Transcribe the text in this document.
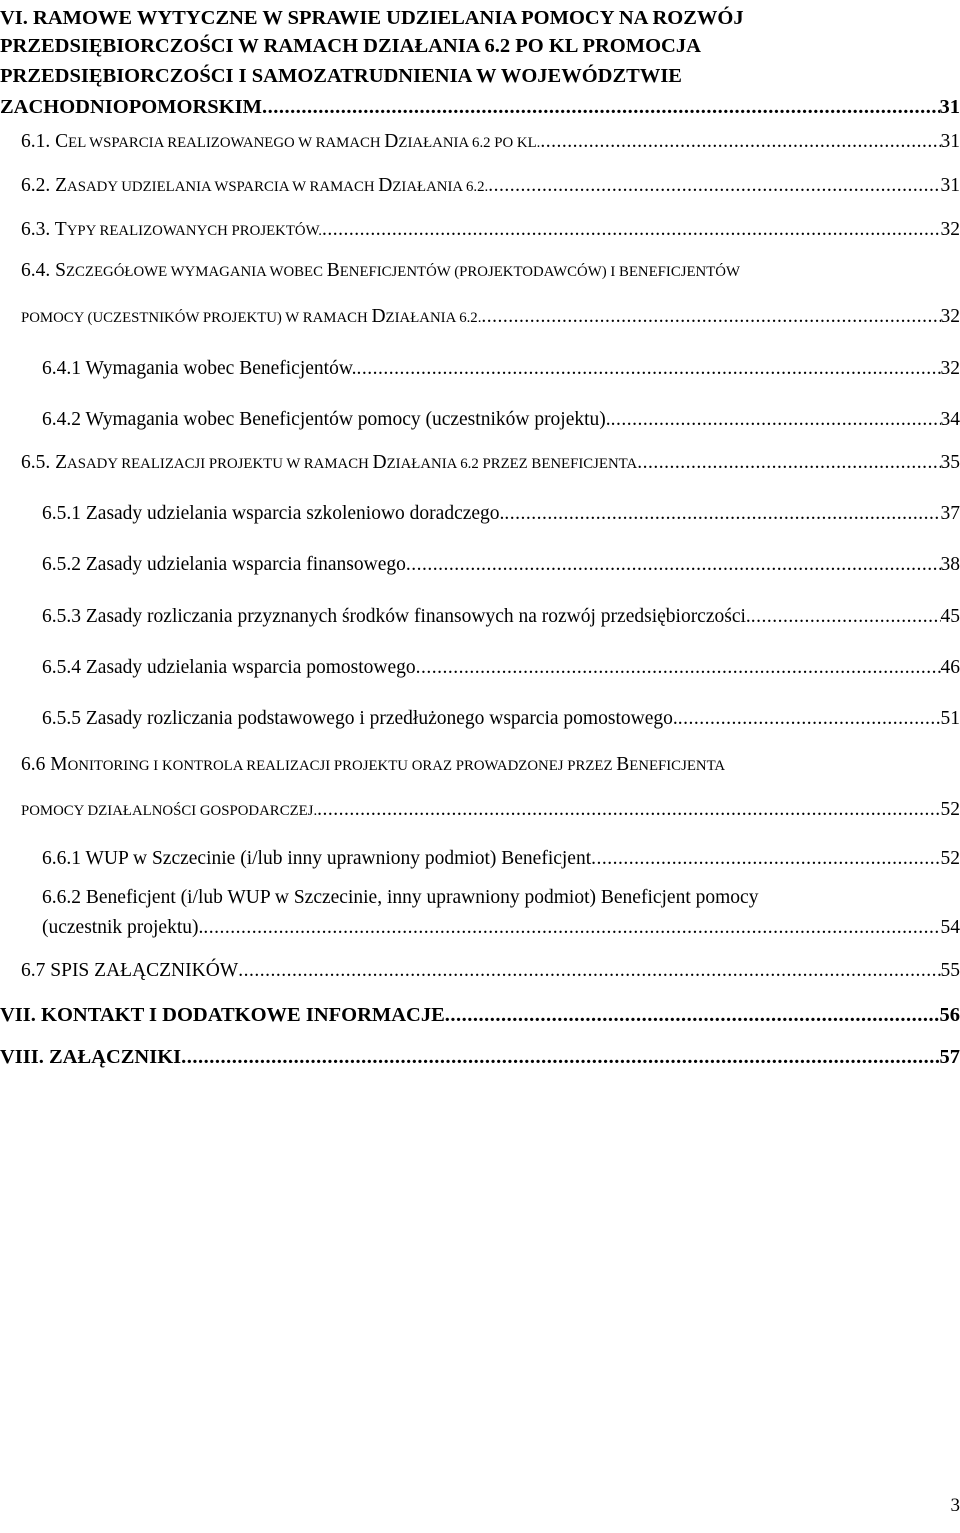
VI. RAMOWE WYTYCZNE W SPRAWIE UDZIELANIA POMOCY NA ROZWÓJ
PRZEDSIĘBIORCZOŚCI W RAMACH DZIAŁANIA 6.2 PO KL PROMOCJA
PRZEDSIĘBIORCZOŚCI I SAMOZATRUDNIENIA W WOJEWÓDZTWIE
ZACHODNIOPOMORSKIM .....	31
6.1. CEL WSPARCIA REALIZOWANEGO W RAMACH DZIAŁANIA 6.2 PO KL. .....	31
6.2. ZASADY UDZIELANIA WSPARCIA W RAMACH DZIAŁANIA 6.2. .....	31
6.3. TYPY REALIZOWANYCH PROJEKTÓW. .....	32
6.4. SZCZEGÓŁOWE WYMAGANIA WOBEC BENEFICJENTÓW (PROJEKTODAWCÓW) I BENEFICJENTÓW
POMOCY (UCZESTNIKÓW PROJEKTU) W RAMACH DZIAŁANIA 6.2. .....	32
6.4.1 Wymagania wobec Beneficjentów. .....	32
6.4.2 Wymagania wobec Beneficjentów pomocy (uczestników projektu). .....	34
6.5. ZASADY REALIZACJI PROJEKTU W RAMACH DZIAŁANIA 6.2 PRZEZ BENEFICJENTA .....	35
6.5.1 Zasady udzielania wsparcia szkoleniowo doradczego. .....	37
6.5.2 Zasady udzielania wsparcia finansowego .....	38
6.5.3 Zasady rozliczania przyznanych środków finansowych na rozwój przedsiębiorczości. .....	45
6.5.4 Zasady udzielania wsparcia pomostowego .....	46
6.5.5 Zasady rozliczania podstawowego i przedłużonego wsparcia pomostowego. .....	51
6.6 MONITORING I KONTROLA REALIZACJI PROJEKTU ORAZ PROWADZONEJ PRZEZ BENEFICJENTA
POMOCY DZIAŁALNOŚCI GOSPODARCZEJ. .....	52
6.6.1 WUP w Szczecinie (i/lub inny uprawniony podmiot) Beneficjent .....	52
6.6.2 Beneficjent (i/lub WUP w Szczecinie, inny uprawniony podmiot) Beneficjent pomocy
(uczestnik projektu). .....	54
6.7 SPIS ZAŁĄCZNIKÓW .....	55
VII. KONTAKT I DODATKOWE INFORMACJE .....	56
VIII. ZAŁĄCZNIKI .....	57
3
